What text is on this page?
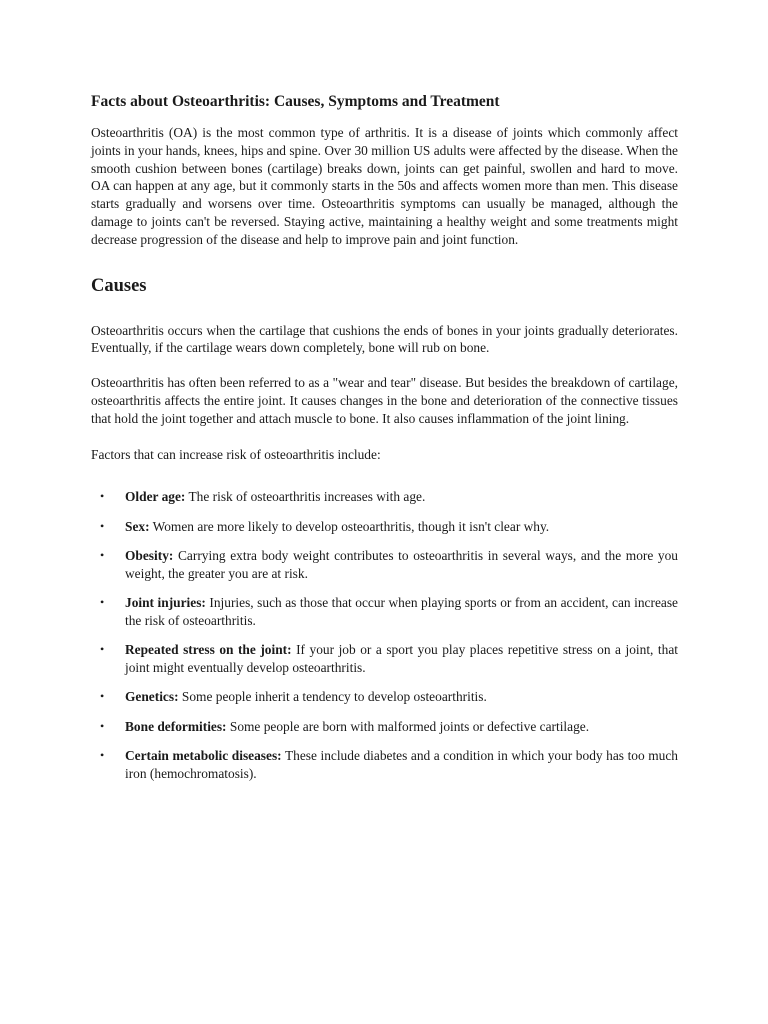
Facts about Osteoarthritis: Causes, Symptoms and Treatment

Osteoarthritis (OA) is the most common type of arthritis. It is a disease of joints which commonly affect joints in your hands, knees, hips and spine. Over 30 million US adults were affected by the disease. When the smooth cushion between bones (cartilage) breaks down, joints can get painful, swollen and hard to move. OA can happen at any age, but it commonly starts in the 50s and affects women more than men. This disease starts gradually and worsens over time. Osteoarthritis symptoms can usually be managed, although the damage to joints can't be reversed. Staying active, maintaining a healthy weight and some treatments might decrease progression of the disease and help to improve pain and joint function.

Causes

Osteoarthritis occurs when the cartilage that cushions the ends of bones in your joints gradually deteriorates. Eventually, if the cartilage wears down completely, bone will rub on bone.

Osteoarthritis has often been referred to as a "wear and tear" disease. But besides the breakdown of cartilage, osteoarthritis affects the entire joint. It causes changes in the bone and deterioration of the connective tissues that hold the joint together and attach muscle to bone. It also causes inflammation of the joint lining.

Factors that can increase risk of osteoarthritis include:

• Older age: The risk of osteoarthritis increases with age.
• Sex: Women are more likely to develop osteoarthritis, though it isn't clear why.
• Obesity: Carrying extra body weight contributes to osteoarthritis in several ways, and the more you weight, the greater you are at risk.
• Joint injuries: Injuries, such as those that occur when playing sports or from an accident, can increase the risk of osteoarthritis.
• Repeated stress on the joint: If your job or a sport you play places repetitive stress on a joint, that joint might eventually develop osteoarthritis.
• Genetics: Some people inherit a tendency to develop osteoarthritis.
• Bone deformities: Some people are born with malformed joints or defective cartilage.
• Certain metabolic diseases: These include diabetes and a condition in which your body has too much iron (hemochromatosis).
